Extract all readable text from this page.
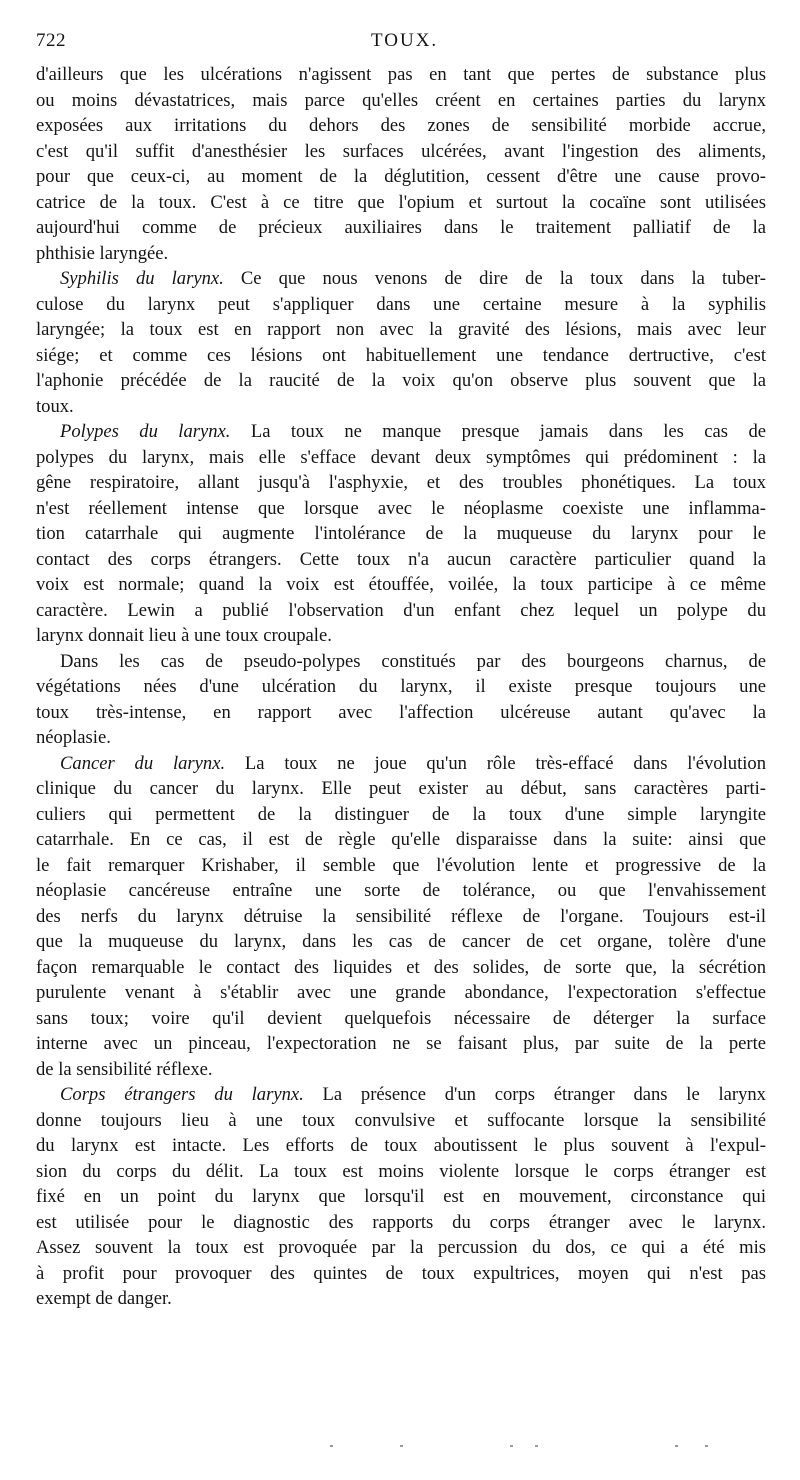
722	TOUX.
d'ailleurs que les ulcérations n'agissent pas en tant que pertes de substance plus
ou moins dévastatrices, mais parce qu'elles créent en certaines parties du larynx
exposées aux irritations du dehors des zones de sensibilité morbide accrue,
c'est qu'il suffit d'anesthésier les surfaces ulcérées, avant l'ingestion des aliments,
pour que ceux-ci, au moment de la déglutition, cessent d'être une cause provo-
catrice de la toux. C'est à ce titre que l'opium et surtout la cocaïne sont utilisées
aujourd'hui comme de précieux auxiliaires dans le traitement palliatif de la
phthisie laryngée.
Syphilis du larynx. Ce que nous venons de dire de la toux dans la tuber-
culose du larynx peut s'appliquer dans une certaine mesure à la syphilis
laryngée; la toux est en rapport non avec la gravité des lésions, mais avec leur
siége; et comme ces lésions ont habituellement une tendance dertructive, c'est
l'aphonie précédée de la raucité de la voix qu'on observe plus souvent que la
toux.
Polypes du larynx. La toux ne manque presque jamais dans les cas de
polypes du larynx, mais elle s'efface devant deux symptômes qui prédominent : la
gêne respiratoire, allant jusqu'à l'asphyxie, et des troubles phonétiques. La toux
n'est réellement intense que lorsque avec le néoplasme coexiste une inflamma-
tion catarrhale qui augmente l'intolérance de la muqueuse du larynx pour le
contact des corps étrangers. Cette toux n'a aucun caractère particulier quand la
voix est normale; quand la voix est étouffée, voilée, la toux participe à ce même
caractère. Lewin a publié l'observation d'un enfant chez lequel un polype du
larynx donnait lieu à une toux croupale.
Dans les cas de pseudo-polypes constitués par des bourgeons charnus, de
végétations nées d'une ulcération du larynx, il existe presque toujours une
toux très-intense, en rapport avec l'affection ulcéreuse autant qu'avec la
néoplasie.
Cancer du larynx. La toux ne joue qu'un rôle très-effacé dans l'évolution
clinique du cancer du larynx. Elle peut exister au début, sans caractères parti-
culiers qui permettent de la distinguer de la toux d'une simple laryngite
catarrhale. En ce cas, il est de règle qu'elle disparaisse dans la suite: ainsi que
le fait remarquer Krishaber, il semble que l'évolution lente et progressive de la
néoplasie cancéreuse entraîne une sorte de tolérance, ou que l'envahissement
des nerfs du larynx détruise la sensibilité réflexe de l'organe. Toujours est-il
que la muqueuse du larynx, dans les cas de cancer de cet organe, tolère d'une
façon remarquable le contact des liquides et des solides, de sorte que, la sécrétion
purulente venant à s'établir avec une grande abondance, l'expectoration s'effectue
sans toux; voire qu'il devient quelquefois nécessaire de déterger la surface
interne avec un pinceau, l'expectoration ne se faisant plus, par suite de la perte
de la sensibilité réflexe.
Corps étrangers du larynx. La présence d'un corps étranger dans le larynx
donne toujours lieu à une toux convulsive et suffocante lorsque la sensibilité
du larynx est intacte. Les efforts de toux aboutissent le plus souvent à l'expul-
sion du corps du délit. La toux est moins violente lorsque le corps étranger est
fixé en un point du larynx que lorsqu'il est en mouvement, circonstance qui
est utilisée pour le diagnostic des rapports du corps étranger avec le larynx.
Assez souvent la toux est provoquée par la percussion du dos, ce qui a été mis
à profit pour provoquer des quintes de toux expultrices, moyen qui n'est pas
exempt de danger.
